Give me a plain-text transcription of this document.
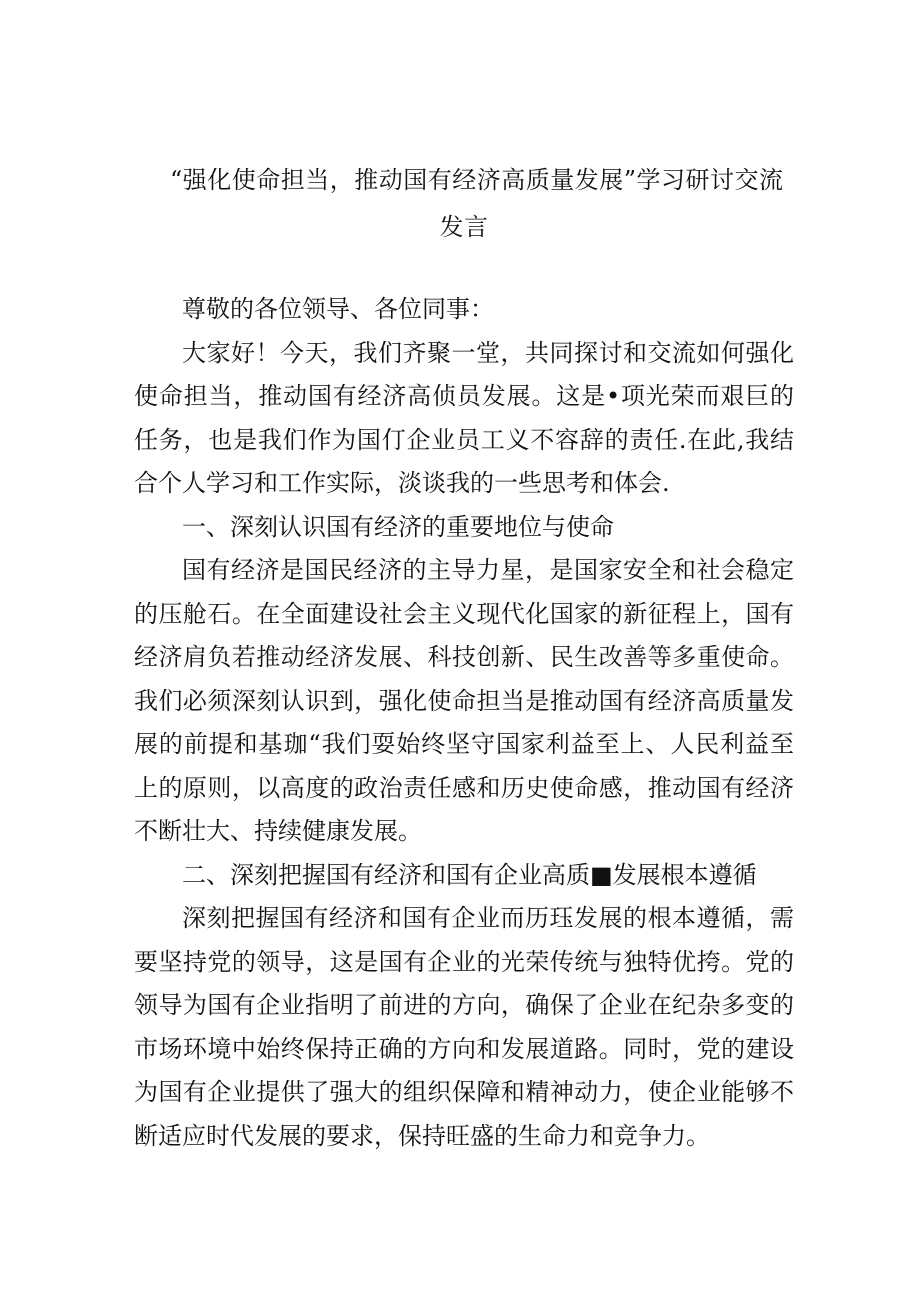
“强化使命担当，推动国有经济高质量发展”学习研讨交流
发言

尊敬的各位领导、各位同事：

大家好！今天，我们齐聚一堂，共同探讨和交流如何强化使命担当，推动国有经济高侦员发展。这是•项光荣而艰巨的任务，也是我们作为国仃企业员工义不容辞的责任.在此,我结合个人学习和工作实际，淡谈我的一些思考和体会.

一、深刻认识国有经济的重要地位与使命

国有经济是国民经济的主导力星，是国家安全和社会稳定的压舱石。在全面建设社会主义现代化国家的新征程上，国有经济肩负若推动经济发展、科技创新、民生改善等多重使命。我们必须深刻认识到，强化使命担当是推动国有经济高质量发展的前提和基珈“我们耍始终坚守国家利益至上、人民利益至上的原则，以高度的政治责任感和历史使命感，推动国有经济不断壮大、持续健康发展。

二、深刻把握国有经济和国有企业高质■发展根本遵循

深刻把握国有经济和国有企业而历珏发展的根本遵循，需要坚持党的领导，这是国有企业的光荣传统与独特优挎。党的领导为国有企业指明了前进的方向，确保了企业在纪杂多变的市场环境中始终保持正确的方向和发展道路。同时，党的建设为国有企业提供了强大的组织保障和精神动力，使企业能够不断适应时代发展的要求，保持旺盛的生命力和竞争力。
